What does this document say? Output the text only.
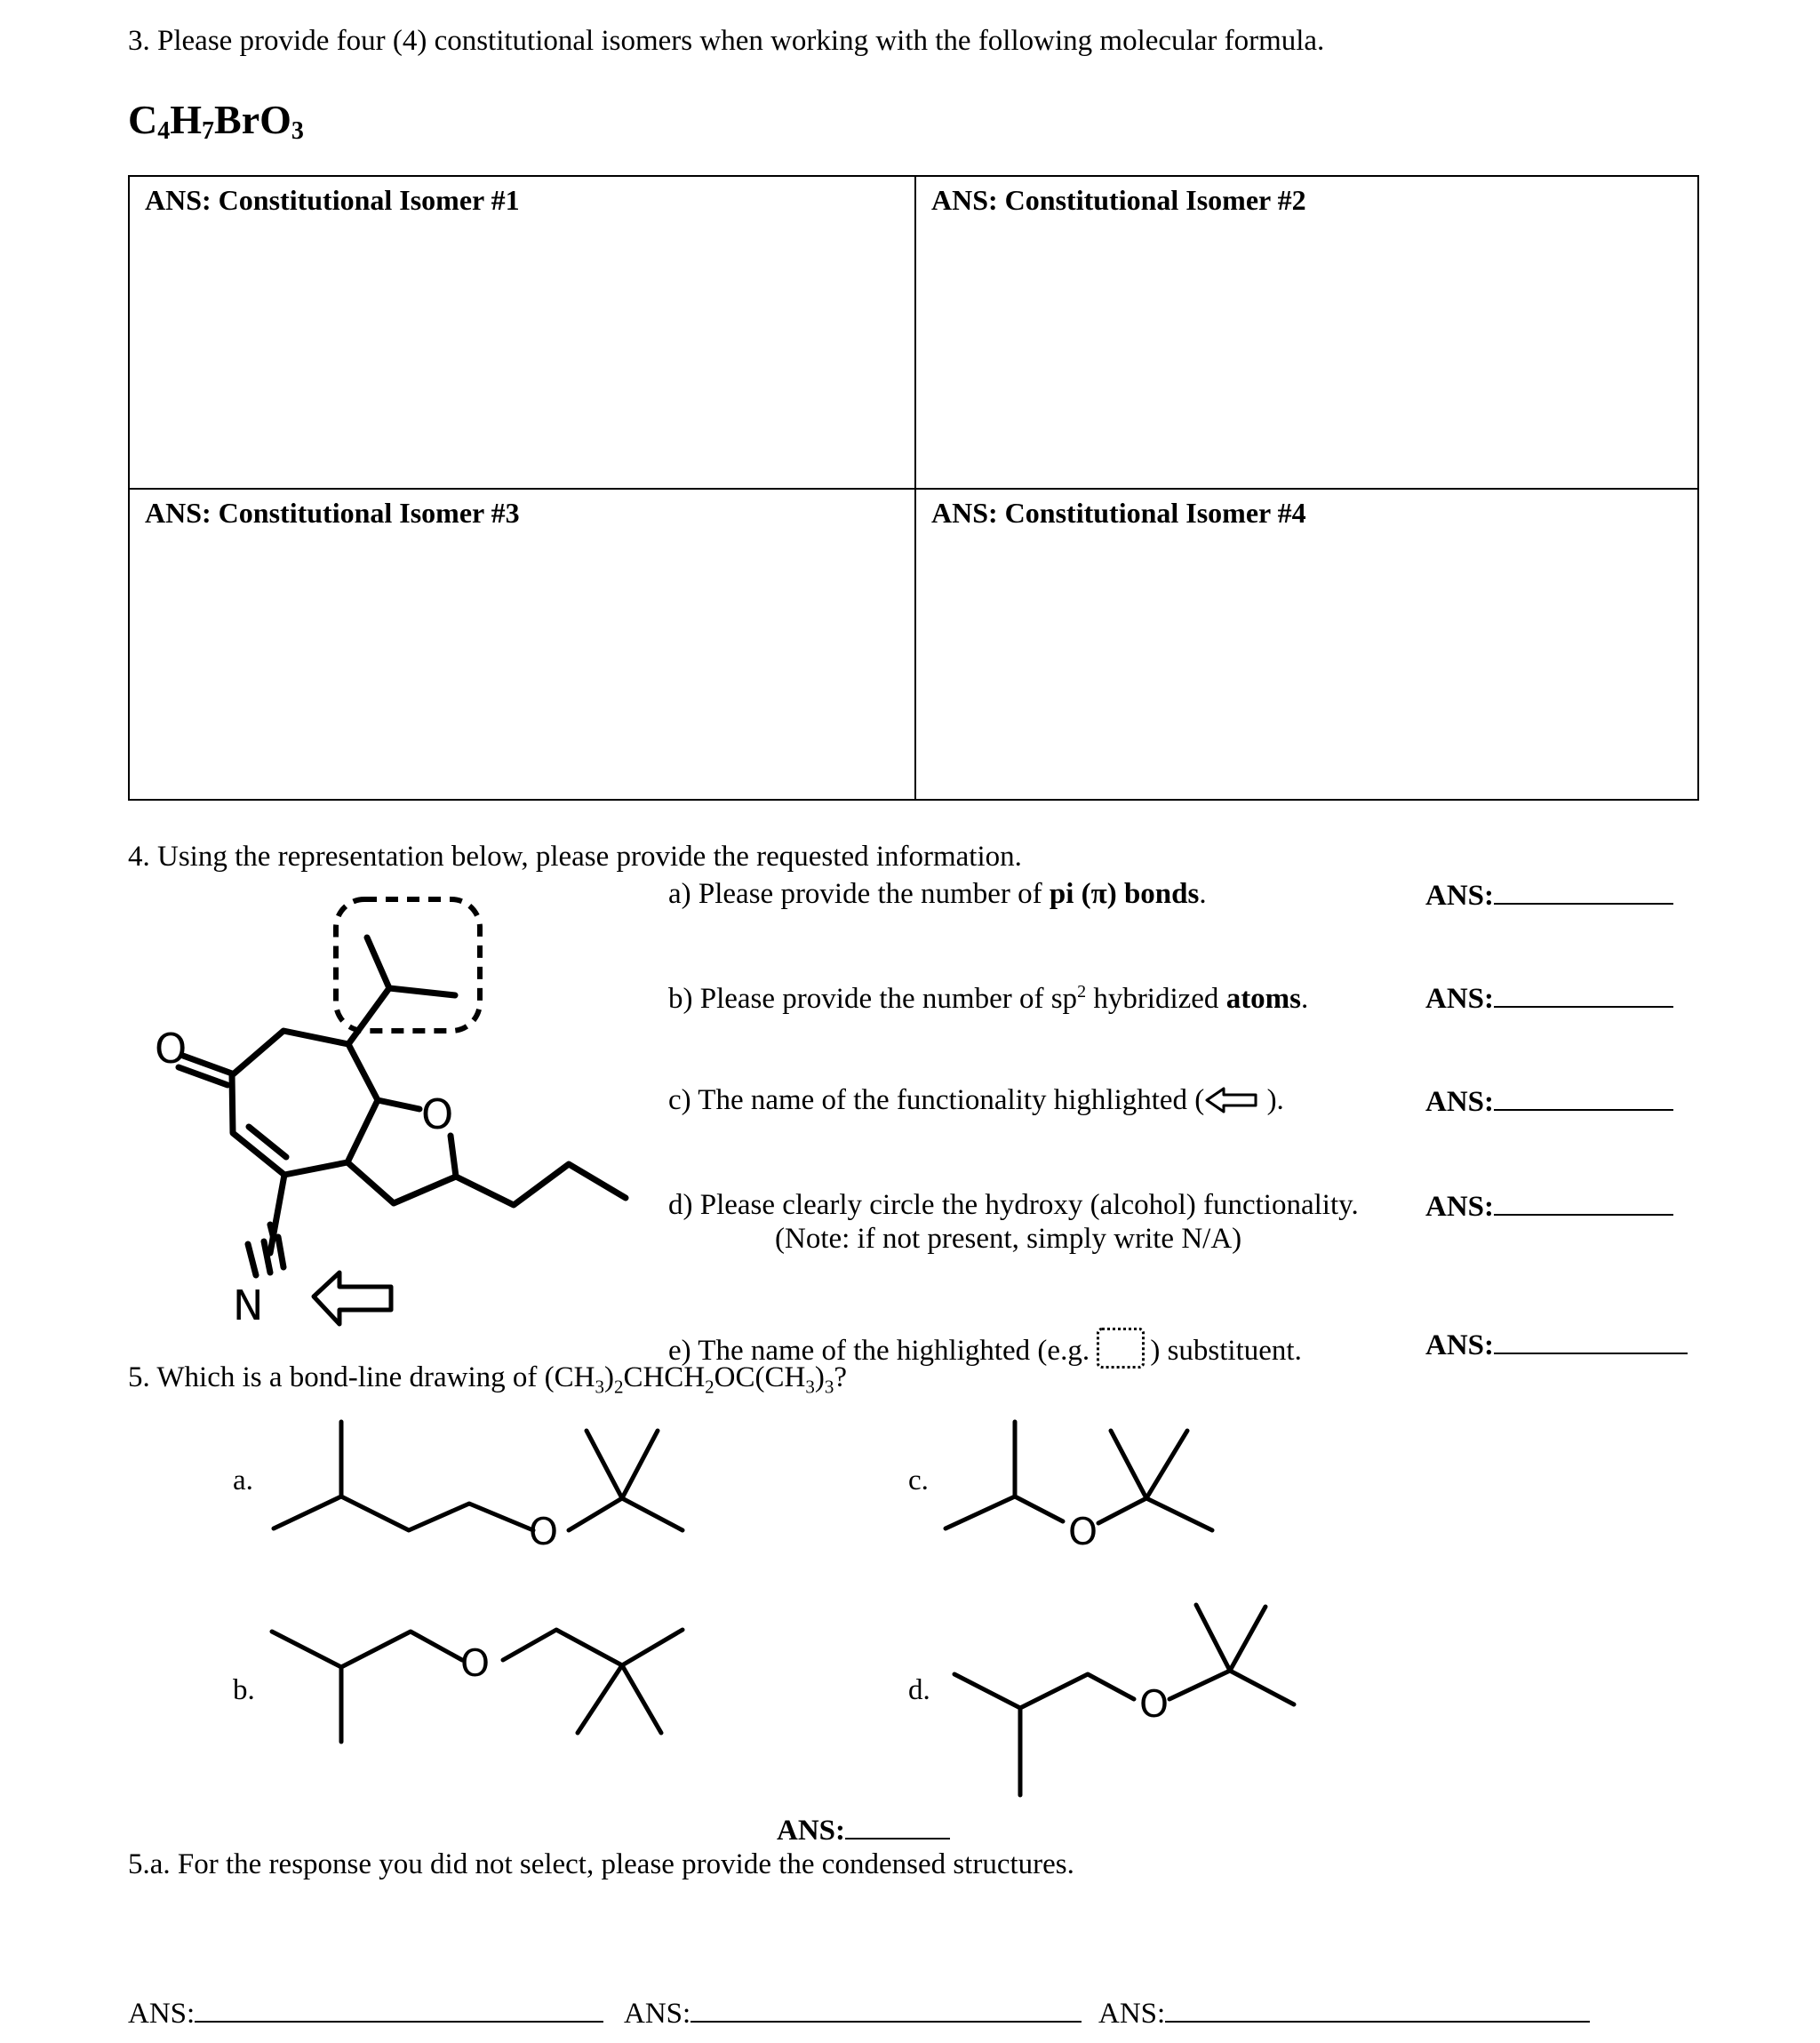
3. Please provide four (4) constitutional isomers when working with the following molecular formula.
$C_4H_7BrO_3$
ANS: Constitutional Isomer #1	ANS: Constitutional Isomer #2
ANS: Constitutional Isomer #3	ANS: Constitutional Isomer #4
4. Using the representation below, please provide the requested information.
O
O
N
a) Please provide the number of pi (π) bonds.
b) Please provide the number of $sp^2$ hybridized atoms.
c) The name of the functionality highlighted ( ).
d) Please clearly circle the hydroxy (alcohol) functionality.
(Note: if not present, simply write N/A)
e) The name of the highlighted (e.g. ) substituent.
ANS:
ANS:
ANS:
ANS:
ANS:
5. Which is a bond-line drawing of $(CH_3)_2CHCH_2OC(CH_3)_3$?
a.
b.
c.
d.
O
O
O
O
ANS:
5.a. For the response you did not select, please provide the condensed structures.
ANS:	ANS:	ANS:
